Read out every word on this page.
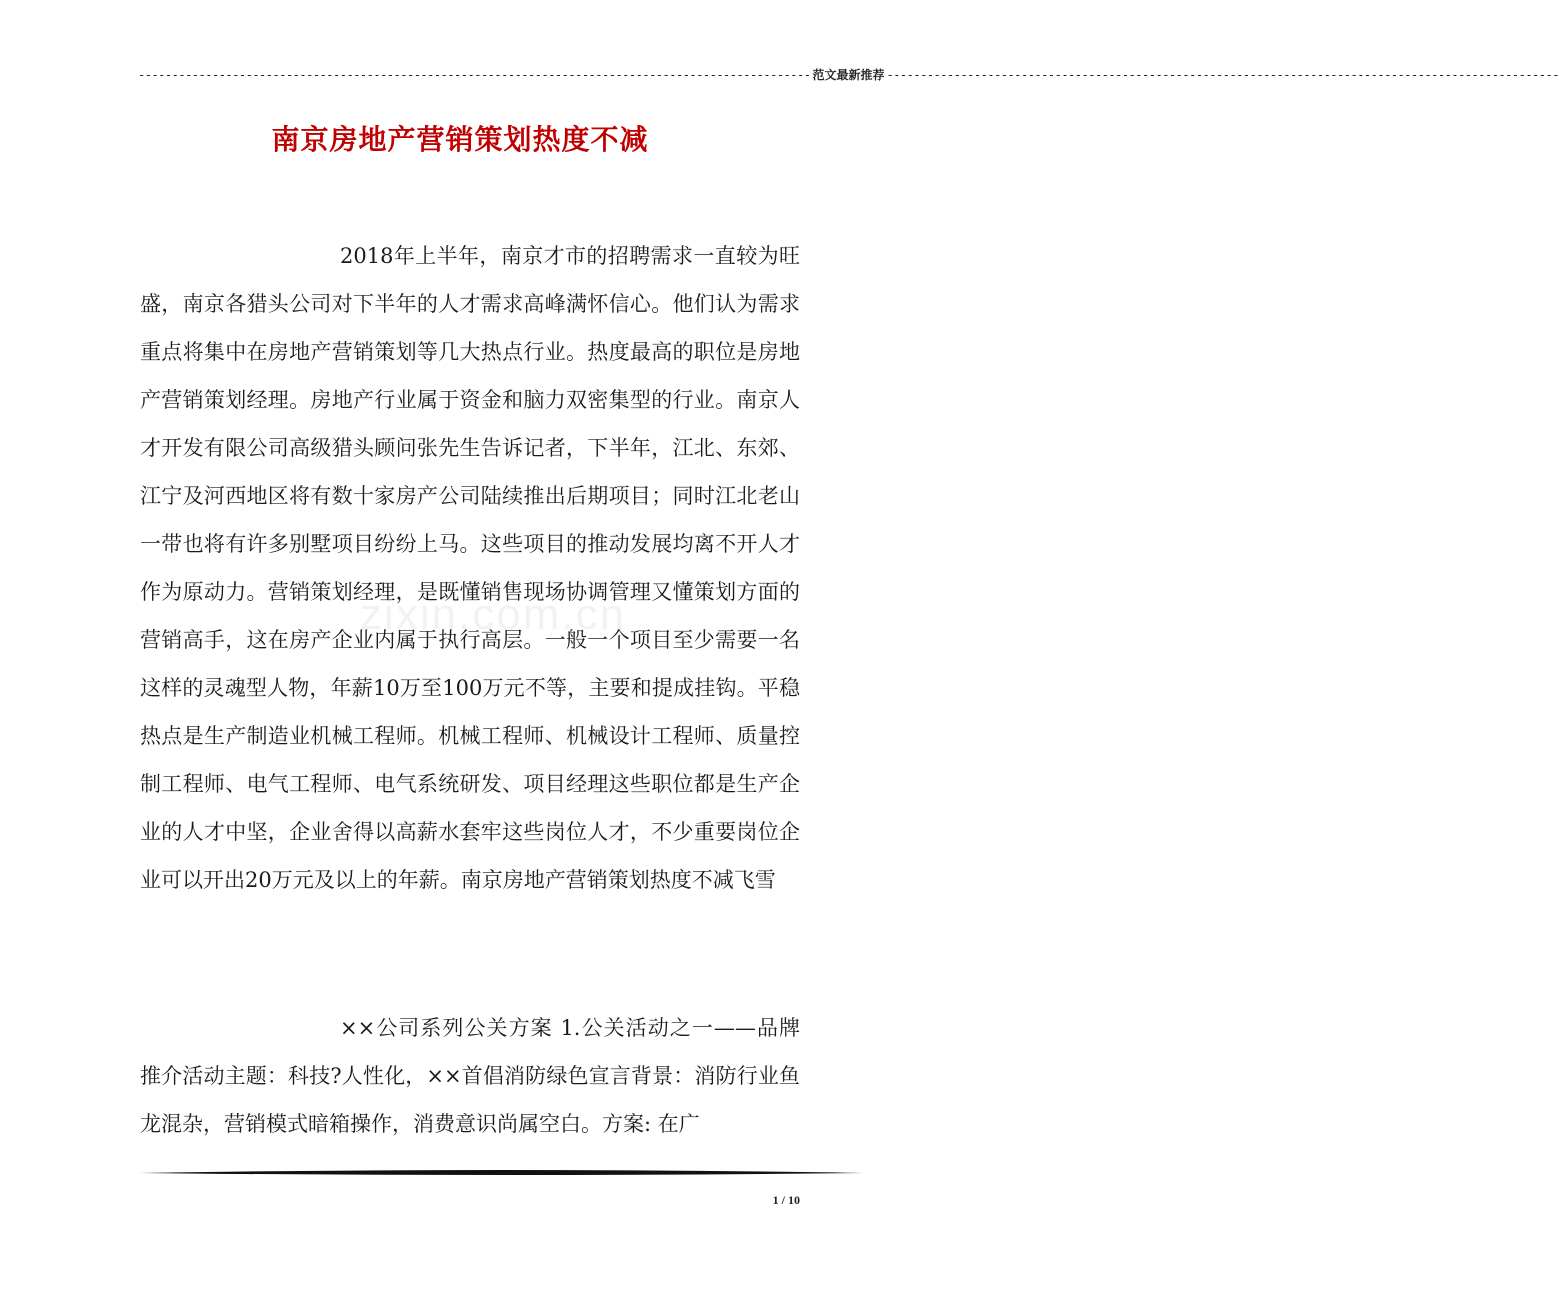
---------------------------------------------------------------------------------------------------- 范文最新推荐 ----------------------------------------------------------------------------------------------------
南京房地产营销策划热度不减
zixin.com.cn

2018年上半年，南京才市的招聘需求一直较为旺盛，南京各猎头公司对下半年的人才需求高峰满怀信心。他们认为需求重点将集中在房地产营销策划等几大热点行业。热度最高的职位是房地产营销策划经理。房地产行业属于资金和脑力双密集型的行业。南京人才开发有限公司高级猎头顾问张先生告诉记者，下半年，江北、东郊、江宁及河西地区将有数十家房产公司陆续推出后期项目；同时江北老山一带也将有许多别墅项目纷纷上马。这些项目的推动发展均离不开人才作为原动力。营销策划经理，是既懂销售现场协调管理又懂策划方面的营销高手，这在房产企业内属于执行高层。一般一个项目至少需要一名这样的灵魂型人物，年薪10万至100万元不等，主要和提成挂钩。平稳热点是生产制造业机械工程师。机械工程师、机械设计工程师、质量控制工程师、电气工程师、电气系统研发、项目经理这些职位都是生产企业的人才中坚，企业舍得以高薪水套牢这些岗位人才，不少重要岗位企业可以开出20万元及以上的年薪。南京房地产营销策划热度不减飞雪

××公司系列公关方案 1.公关活动之一——品牌推介活动主题：科技?人性化，××首倡消防绿色宣言背景：消防行业鱼龙混杂，营销模式暗箱操作，消费意识尚属空白。方案: 在广

1 / 10
